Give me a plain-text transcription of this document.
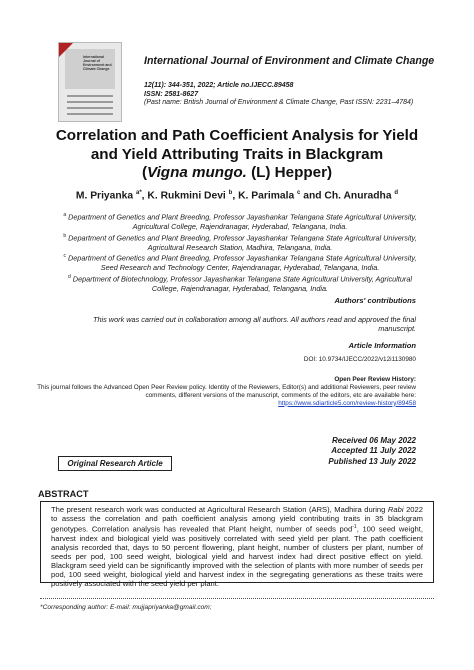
International Journal of Environment and Climate Change
International Journal of Environment and Climate Change
12(11): 344-351, 2022; Article no.IJECC.89458
ISSN: 2581-8627
(Past name: British Journal of Environment & Climate Change, Past ISSN: 2231–4784)
Correlation and Path Coefficient Analysis for Yield
and Yield Attributing Traits in Blackgram
(Vigna mungo. (L) Hepper)
M. Priyanka $^{a*}$, K. Rukmini Devi $^b$, K. Parimala $^c$ and Ch. Anuradha $^d$
$^a$ Department of Genetics and Plant Breeding, Professor Jayashankar Telangana State Agricultural University, Agricultural College, Rajendranagar, Hyderabad, Telangana, India.
$^b$ Department of Genetics and Plant Breeding, Professor Jayashankar Telangana State Agricultural University, Agricultural Research Station, Madhira, Telangana, India.
$^c$ Department of Genetics and Plant Breeding, Professor Jayashankar Telangana State Agricultural University, Seed Research and Technology Center, Rajendranagar, Hyderabad, Telangana, India.
$^d$ Department of Biotechnology, Professor Jayashankar Telangana State Agricultural University, Agricultural College, Rajendranagar, Hyderabad, Telangana, India.
Authors' contributions
This work was carried out in collaboration among all authors. All authors read and approved the final manuscript.
Article Information
DOI: 10.9734/IJECC/2022/v12i1130980
Open Peer Review History:
This journal follows the Advanced Open Peer Review policy. Identity of the Reviewers, Editor(s) and additional Reviewers, peer review comments, different versions of the manuscript, comments of the editors, etc are available here:
https://www.sdiarticle5.com/review-history/89458
Received 06 May 2022
Accepted 11 July 2022
Published 13 July 2022
Original Research Article
ABSTRACT
The present research work was conducted at Agricultural Research Station (ARS), Madhira during Rabi 2022 to assess the correlation and path coefficient analysis among yield contributing traits in 35 blackgram genotypes. Correlation analysis has revealed that Plant height, number of seeds pod$^{-1}$, 100 seed weight, harvest index and biological yield was positively correlated with seed yield per plant. The path coefficient analysis recorded that, days to 50 percent flowering, plant height, number of clusters per plant, number of seeds per pod, 100 seed weight, biological yield and harvest index had direct positive effect on yield. Blackgram seed yield can be significantly improved with the selection of plants with more number of seeds per pod, 100 seed weight, biological yield and harvest index in the segregating generations as these traits were positively associated with the seed yield per plant.
*Corresponding author: E-mail: mujjapriyanka@gmail.com;
